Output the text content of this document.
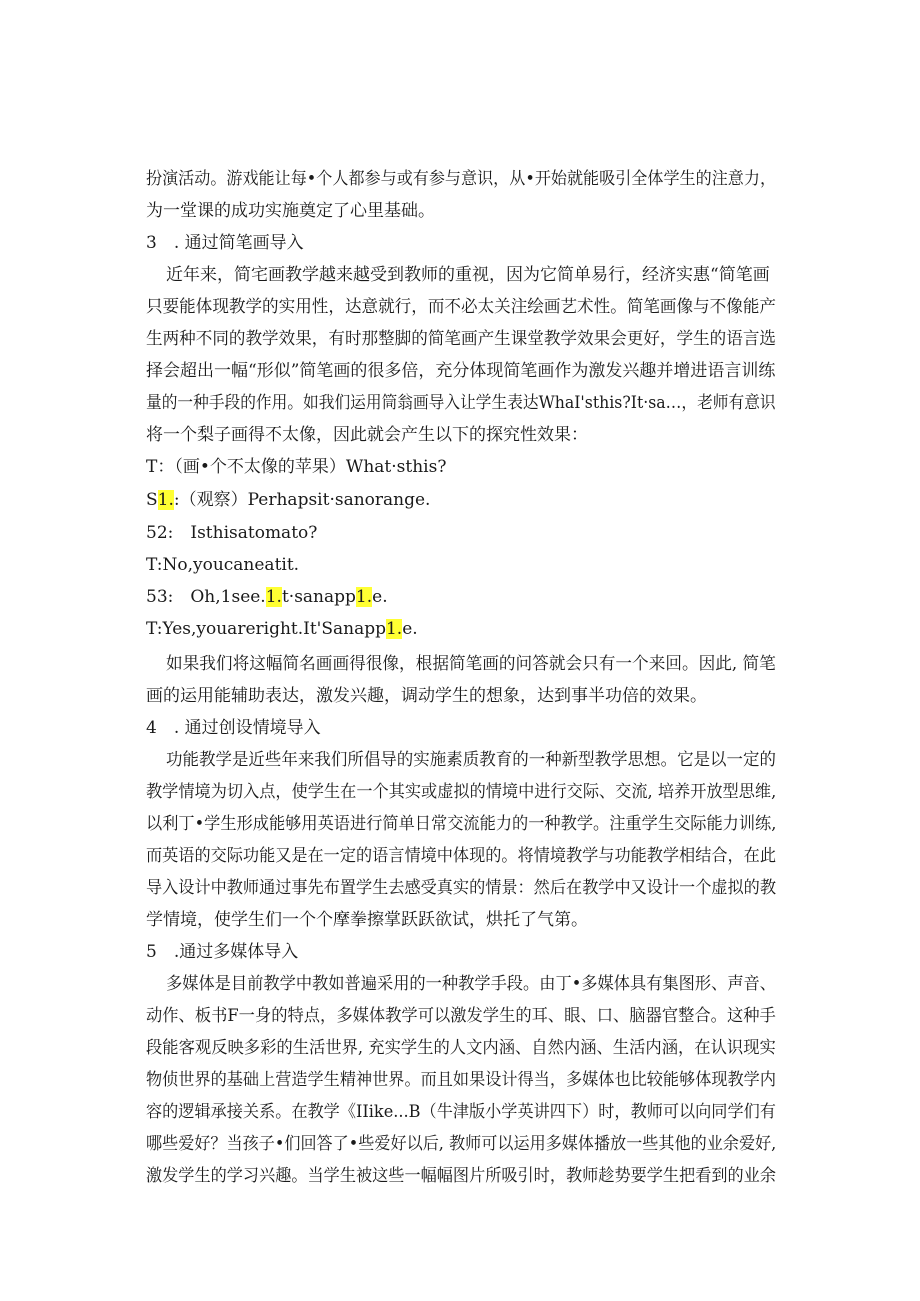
扮演活动。游戏能让每•个人都参与或有参与意识，从•开始就能吸引全体学生的注意力，
为一堂课的成功实施奠定了心里基础。
3　. 通过简笔画导入
近年来，简宅画教学越来越受到教师的重视，因为它简单易行，经济实惠“简笔画
只要能体现教学的实用性，达意就行，而不必太关注绘画艺术性。简笔画像与不像能产
生两种不同的教学效果，有时那整脚的简笔画产生课堂教学效果会更好，学生的语言选
择会超出一幅“形似”简笔画的很多倍，充分体现简笔画作为激发兴趣并增进语言训练
量的一种手段的作用。如我们运用筒翁画导入让学生表达WhaI'sthis?It·sa…，老师有意识
将一个梨子画得不太像，因此就会产生以下的探究性效果：
T：（画•个不太像的苹果）What·sthis?
S1.:（观察）Perhapsit·sanorange.
52:　Isthisatomato?
T:No,youcaneatit.
53:　Oh,1see.1.t·sanapp1.e.
T:Yes,youareright.It'Sanapp1.e.
如果我们将这幅简名画画得很像，根据简笔画的问答就会只有一个来回。因此, 简笔
画的运用能辅助表达，激发兴趣，调动学生的想象，达到事半功倍的效果。
4　. 通过创设情境导入
功能教学是近些年来我们所倡导的实施素质教育的一种新型教学思想。它是以一定的
教学情境为切入点，使学生在一个其实或虚拟的情境中进行交际、交流, 培养开放型思维,
以利丁•学生形成能够用英语进行简单日常交流能力的一种教学。注重学生交际能力训练,
而英语的交际功能又是在一定的语言情境中体现的。将情境教学与功能教学相结合，在此
导入设计中教师通过事先布置学生去感受真实的情景：然后在教学中又设计一个虚拟的教
学情境，使学生们一个个摩拳擦掌跃跃欲试，烘托了气第。
5　.通过多媒体导入
多媒体是目前教学中教如普遍采用的一种教学手段。由丁•多媒体具有集图形、声音、
动作、板书F一身的特点，多媒体教学可以激发学生的耳、眼、口、脑器官整合。这种手
段能客观反映多彩的生活世界, 充实学生的人文内涵、自然内涵、生活内涵，在认识现实
物侦世界的基础上营造学生精神世界。而且如果设计得当，多媒体也比较能够体现教学内
容的逻辑承接关系。在教学《IIike...B（牛津版小学英讲四下）时，教师可以向同学们有
哪些爱好？当孩子•们回答了•些爱好以后, 教师可以运用多媒体播放一些其他的业余爱好,
激发学生的学习兴趣。当学生被这些一幅幅图片所吸引时，教师趁势要学生把看到的业余
